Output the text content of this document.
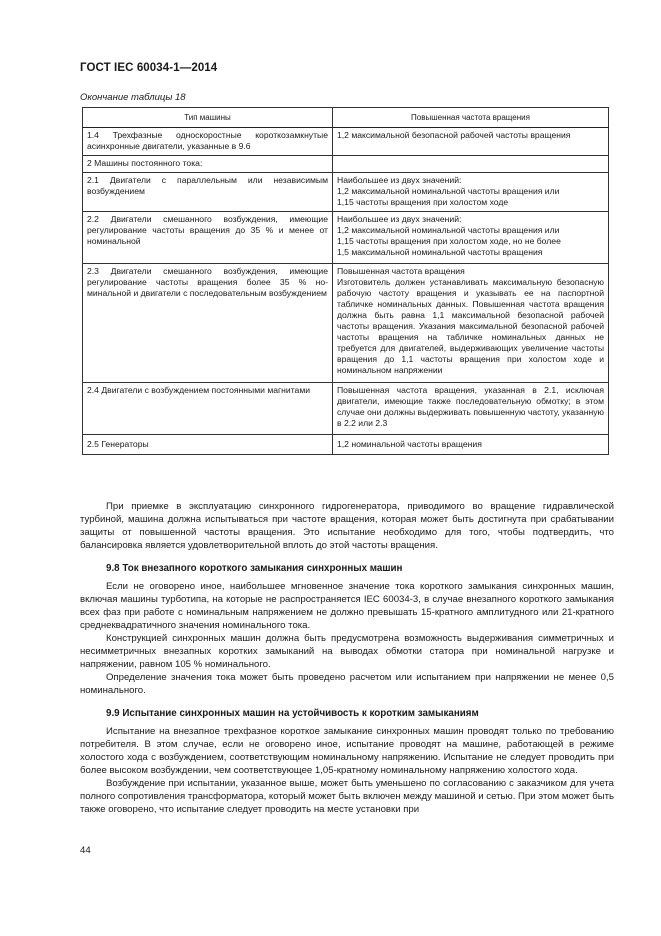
ГОСТ IEC 60034-1—2014
Окончание таблицы 18
Тип машины	Повышенная частота вращения
1.4 Трехфазные односкоростные короткозамкнутые асинхронные двигатели, указанные в 9.6	1,2 максимальной безопасной рабочей частоты вращения
2 Машины постоянного тока:	
2.1 Двигатели с параллельным или независимым возбуждением	Наибольшее из двух значений:
1,2 максимальной номинальной частоты вращения или
1,15 частоты вращения при холостом ходе
2.2 Двигатели смешанного возбуждения, имеющие регулирование частоты вращения до 35 % и менее от номинальной	Наибольшее из двух значений:
1,2 максимальной номинальной частоты вращения или
1,15 частоты вращения при холостом ходе, но не более
1,5 максимальной номинальной частоты вращения
2.3 Двигатели смешанного возбуждения, имеющие регулирование частоты вращения более 35 % номинальной и двигатели с последовательным возбуждением	Повышенная частота вращения
Изготовитель должен устанавливать максимальную безопасную рабочую частоту вращения и указывать ее на паспортной табличке номинальных данных. Повышенная частота вращения должна быть равна 1,1 максимальной безопасной рабочей частоты вращения. Указания максимальной безопасной рабочей частоты вращения на табличке номинальных данных не требуется для двигателей, выдерживающих увеличение частоты вращения до 1,1 частоты вращения при холостом ходе и номинальном напряжении
2.4 Двигатели с возбуждением постоянными магнитами	Повышенная частота вращения, указанная в 2.1, исключая двигатели, имеющие также последовательную обмотку; в этом случае они должны выдерживать повышенную частоту, указанную в 2.2 или 2.3
2.5 Генераторы	1,2 номинальной частоты вращения

При приемке в эксплуатацию синхронного гидрогенератора, приводимого во вращение гидравлической турбиной, машина должна испытываться при частоте вращения, которая может быть достигнута при срабатывании защиты от повышенной частоты вращения. Это испытание необходимо для того, чтобы подтвердить, что балансировка является удовлетворительной вплоть до этой частоты вращения.

9.8 Ток внезапного короткого замыкания синхронных машин

Если не оговорено иное, наибольшее мгновенное значение тока короткого замыкания синхронных машин, включая машины турботипа, на которые не распространяется IEC 60034-3, в случае внезапного короткого замыкания всех фаз при работе с номинальным напряжением не должно превышать 15-кратного амплитудного или 21-кратного среднеквадратичного значения номинального тока.

Конструкцией синхронных машин должна быть предусмотрена возможность выдерживания симметричных и несимметричных внезапных коротких замыканий на выводах обмотки статора при номинальной нагрузке и напряжении, равном 105 % номинального.

Определение значения тока может быть проведено расчетом или испытанием при напряжении не менее 0,5 номинального.

9.9 Испытание синхронных машин на устойчивость к коротким замыканиям

Испытание на внезапное трехфазное короткое замыкание синхронных машин проводят только по требованию потребителя. В этом случае, если не оговорено иное, испытание проводят на машине, работающей в режиме холостого хода с возбуждением, соответствующим номинальному напряжению. Испытание не следует проводить при более высоком возбуждении, чем соответствующее 1,05-кратному номинальному напряжению холостого хода.

Возбуждение при испытании, указанное выше, может быть уменьшено по согласованию с заказчиком для учета полного сопротивления трансформатора, который может быть включен между машиной и сетью. При этом может быть также оговорено, что испытание следует проводить на месте установки при

44
